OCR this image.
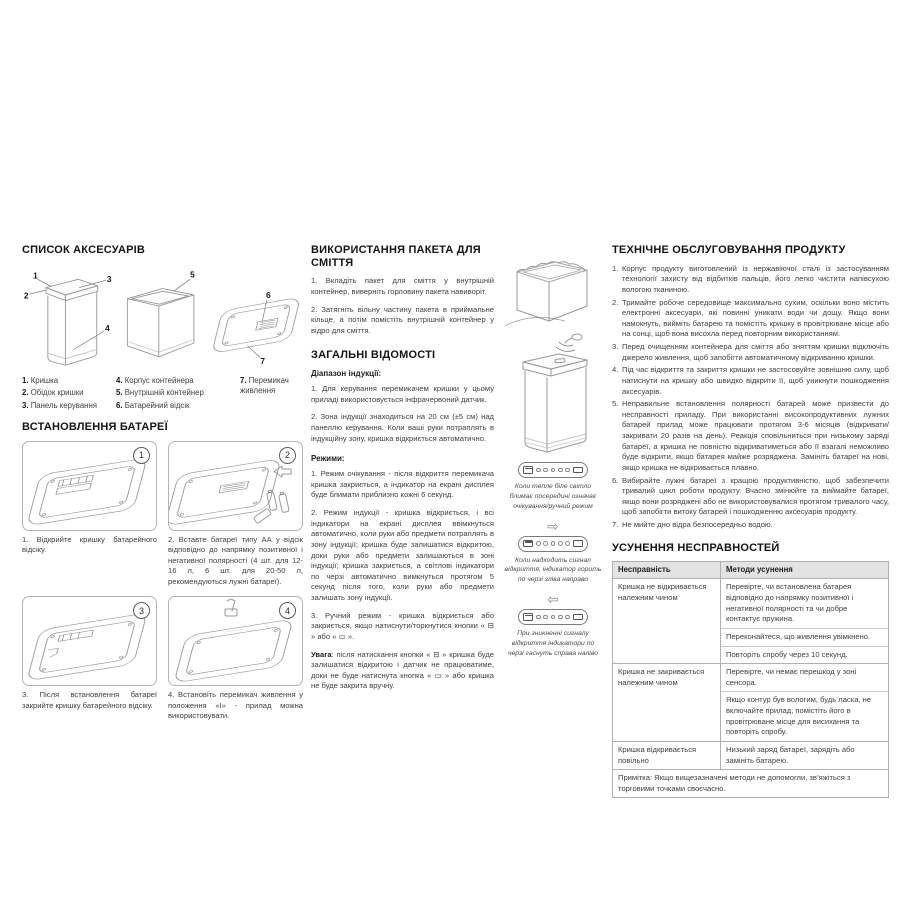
СПИСОК АКСЕСУАРІВ
1
2
3
4
5
6
7
1. Кришка
2. Обідок кришки
3. Панель керування
4. Корпус контейнера
5. Внутрішній контейнер
6. Батарейний відсік
7. Перемикач живлення
ВСТАНОВЛЕННЯ БАТАРЕЇ
1

1. Відкрийте кришку батарейного відсіку.

2

2. Вставте батареї типу АА у відсік відповідно до напрямку позитивної і негативної полярності (4 шт. для 12-16 л, 6 шт. для 20-50 л, рекомендуються лужні батареї).

3

3. Після встановлення батареї закрийте кришку батарейного відсіку.

4

4. Встановіть перемикач живлення у положення «I» - прилад можна використовувати.

ВИКОРИСТАННЯ ПАКЕТА ДЛЯ СМІТТЯ

1. Вкладіть пакет для сміття у внутрішній контейнер, виверніть горловину пакета навиворіт.

2. Затягніть вільну частину пакета в приймальне кільце, а потім помістіть внутрішній контейнер у відро для сміття.

ЗАГАЛЬНІ ВІДОМОСТІ

Діапазон індукції:

1. Для керування перемикачем кришки у цьому приладі використовується інфрачервоний датчик.

2. Зона індукції знаходиться на 20 см (±5 см) над панеллю керування. Коли ваші руки потраплять в індукційну зону, кришка відкриється автоматично.

Режими:

1. Режим очікування - після відкриття перемикача кришка закриється, а індикатор на екрані дисплея буде блимати приблизно кожні 6 секунд.

2. Режим індукції - кришка відкриється, і всі індикатори на екрані дисплея ввімкнуться автоматично, коли руки або предмети потраплять в зону індукції; кришка буде залишатися відкритою, доки руки або предмети залишаються в зоні індукції; кришка закриється, а світлові індикатори по черзі автоматично вимкнуться протягом 5 секунд після того, коли руки або предмети залишать зону індукції.

3. Ручний режим - кришка відкриється або закриється, якщо натиснути/торкнутися кнопки « ⊟ » або « ▭ ».

Увага: після натискання кнопки « ⊟ » кришка буде залишатися відкритою і датчик не працюватиме, доки не буде натиснута кнопка « ▭ » або кришка не буде закрита вручну.

Коли тепле біле світло блимає посередині означає очікування/ручний режим

⇨

Коли надходить сигнал відкриття, індикатор горить по черзі зліва направо

⇦

При зникненні сигналу відкриття індикатори по черзі гаснуть справа наліво

ТЕХНІЧНЕ ОБСЛУГОВУВАННЯ ПРОДУКТУ
1. Корпус продукту виготовлений із нержавіючої сталі із застосуванням технології захисту від відбитків пальців, його легко чистити напівсухою вологою тканиною.

2. Тримайте робоче середовище максимально сухим, оскільки воно містить електронні аксесуари, які повинні уникати води чи дощу. Якщо вони намокнуть, вийміть батарею та помістіть кришку в провітрюване місце або на сонці, щоб вона висохла перед повторним використанням.

3. Перед очищенням контейнера для сміття або зняттям кришки відключіть джерело живлення, щоб запобігти автоматичному відкриванню кришки.

4. Під час відкриття та закриття кришки не застосовуйте зовнішню силу, щоб натиснути на кришку або швидко відкрити її, щоб уникнути пошкодження аксесуарів.

5. Неправильне встановлення полярності батарей може призвести до несправності приладу. При використанні високопродуктивних лужних батарей прилад може працювати протягом 3-6 місяців (відкривати/закривати 20 разів на день). Реакція сповільниться при низькому заряді батареї, а кришка не повністю відкриватиметься або її взагалі неможливо буде відкрити, якщо батарея майже розряджена. Замініть батареї на нові, якщо кришка не відкривається плавно.

6. Вибирайте лужні батареї з кращою продуктивністю, щоб забезпечити тривалий цикл роботи продукту. Вчасно змінюйте та виймайте батареї, якщо вони розряджені або не використовувалися протягом тривалого часу, щоб запобігти витоку батарей і пошкодженню аксесуарів продукту.

7. Не мийте дно відра безпосередньо водою.

УСУНЕННЯ НЕСПРАВНОСТЕЙ
Несправність	Методи усунення
Кришка не відкривається належним чином
Перевірте, чи встановлена батарея відповідно до напрямку позитивної і негативної полярності та чи добре контактує пружина.
Переконайтеся, що живлення увімкнено.
Повторіть спробу через 10 секунд.
Кришка не закривається належним чином
Перевірте, чи немає перешкод у зоні сенсора.
Якщо контур був вологим, будь ласка, не включайте прилад, помістіть його в провітрюване місце для висихання та повторіть спробу.
Кришка відкривається повільно
Низький заряд батареї, зарядіть або замініть батарею.
Примітка: Якщо вищезазначені методи не допомогли, зв’яжіться з торговими точками своєчасно.
